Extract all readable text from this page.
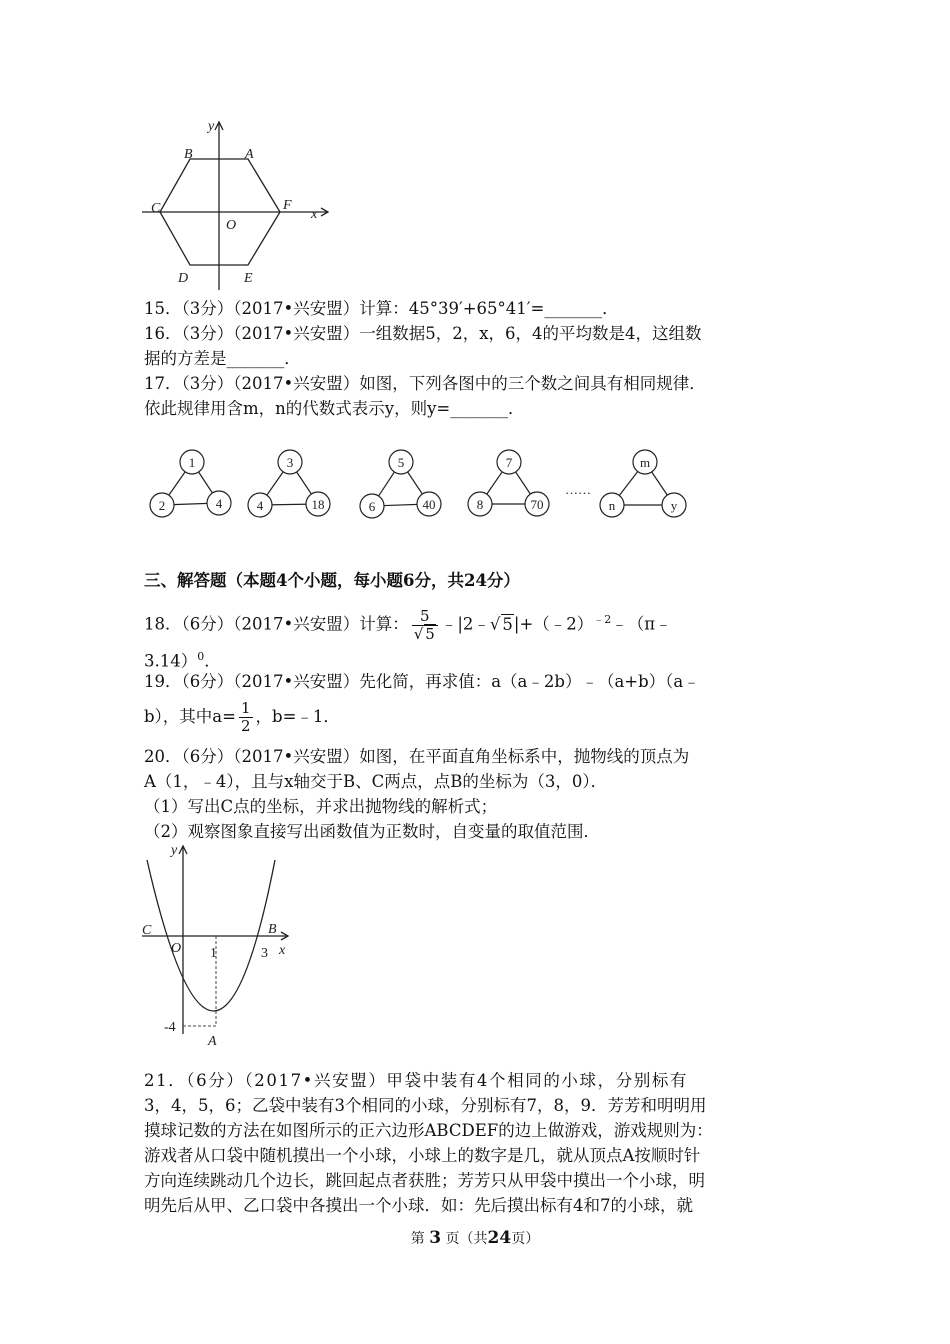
y
B	A
C	F
x
O
D	E
15．（3分）（2017•兴安盟）计算：45°39′+65°41′=_______．
16．（3分）（2017•兴安盟）一组数据5，2，x，6，4的平均数是4，这组数
据的方差是_______．
17．（3分）（2017•兴安盟）如图，下列各图中的三个数之间具有相同规律．
依此规律用含m，n的代数式表示y，则y=_______．
1
2	4
3
4	18
5
6	40
7
8	70
……
m
n	y
三、解答题（本题4个小题，每小题6分，共24分）
18．（6分）（2017•兴安盟）计算： $\frac{5}{√ 5}$ ﹣|2﹣√ 5|+（﹣2）$^{﹣2}$﹣（π﹣
3.14）$^0$．
19．（6分）（2017•兴安盟）先化简，再求值：a（a﹣2b）﹣（a+b）（a﹣
b），其中$a= \frac{1}{2}$ ，b=﹣1．
20．（6分）（2017•兴安盟）如图，在平面直角坐标系中，抛物线的顶点为
A（1，﹣4），且与x轴交于B、C两点，点B的坐标为（3，0）．
（1）写出C点的坐标，并求出抛物线的解析式；
（2）观察图象直接写出函数值为正数时，自变量的取值范围．
y
C
O 1
B
3 x
-4
A
21．（6分）（2017•兴安盟）甲袋中装有4个相同的小球，分别标有
3，4，5，6；乙袋中装有3个相同的小球，分别标有7，8，9．芳芳和明明用
摸球记数的方法在如图所示的正六边形ABCDEF的边上做游戏，游戏规则为：
游戏者从口袋中随机摸出一个小球，小球上的数字是几，就从顶点A按顺时针
方向连续跳动几个边长，跳回起点者获胜；芳芳只从甲袋中摸出一个小球，明
明先后从甲、乙口袋中各摸出一个小球．如：先后摸出标有4和7的小球，就
第 3 页（共24页）
